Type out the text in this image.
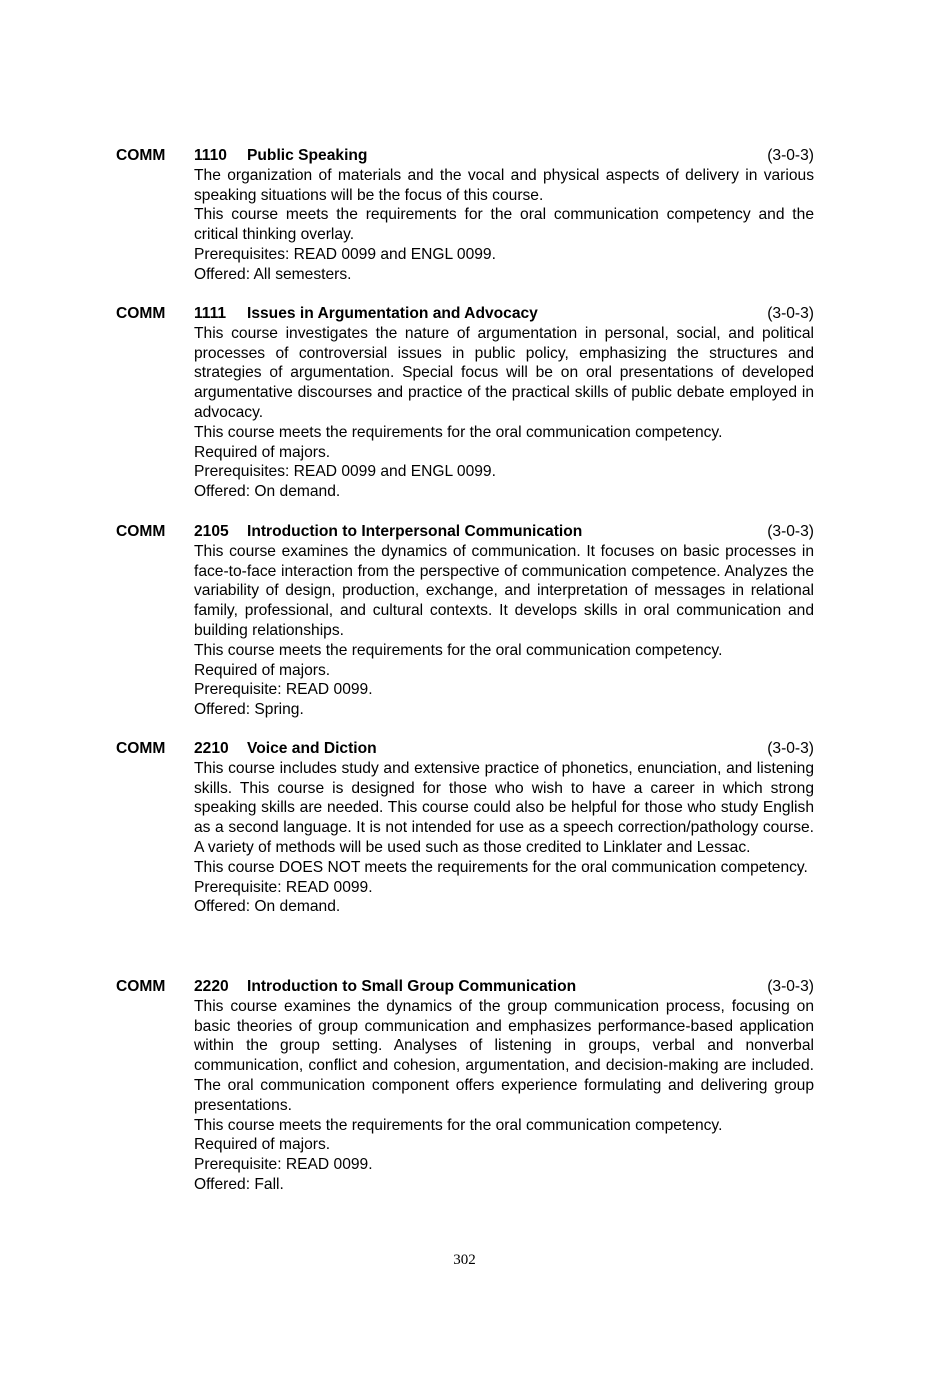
COMM 1110 Public Speaking	(3-0-3)

The organization of materials and the vocal and physical aspects of delivery in various speaking situations will be the focus of this course.

This course meets the requirements for the oral communication competency and the critical thinking overlay.

Prerequisites: READ 0099 and ENGL 0099.

Offered: All semesters.

COMM 1111 Issues in Argumentation and Advocacy	(3-0-3)

This course investigates the nature of argumentation in personal, social, and political processes of controversial issues in public policy, emphasizing the structures and strategies of argumentation. Special focus will be on oral presentations of developed argumentative discourses and practice of the practical skills of public debate employed in advocacy.

This course meets the requirements for the oral communication competency.

Required of majors.

Prerequisites: READ 0099 and ENGL 0099.

Offered: On demand.

COMM 2105 Introduction to Interpersonal Communication	(3-0-3)

This course examines the dynamics of communication. It focuses on basic processes in face-to-face interaction from the perspective of communication competence. Analyzes the variability of design, production, exchange, and interpretation of messages in relational family, professional, and cultural contexts. It develops skills in oral communication and building relationships.

This course meets the requirements for the oral communication competency.

Required of majors.

Prerequisite: READ 0099.

Offered: Spring.

COMM 2210 Voice and Diction	(3-0-3)

This course includes study and extensive practice of phonetics, enunciation, and listening skills. This course is designed for those who wish to have a career in which strong speaking skills are needed. This course could also be helpful for those who study English as a second language. It is not intended for use as a speech correction/pathology course. A variety of methods will be used such as those credited to Linklater and Lessac.

This course DOES NOT meets the requirements for the oral communication competency.

Prerequisite: READ 0099.

Offered: On demand.

COMM 2220 Introduction to Small Group Communication	(3-0-3)

This course examines the dynamics of the group communication process, focusing on basic theories of group communication and emphasizes performance-based application within the group setting. Analyses of listening in groups, verbal and nonverbal communication, conflict and cohesion, argumentation, and decision-making are included. The oral communication component offers experience formulating and delivering group presentations.

This course meets the requirements for the oral communication competency.

Required of majors.

Prerequisite: READ 0099.

Offered: Fall.

302
